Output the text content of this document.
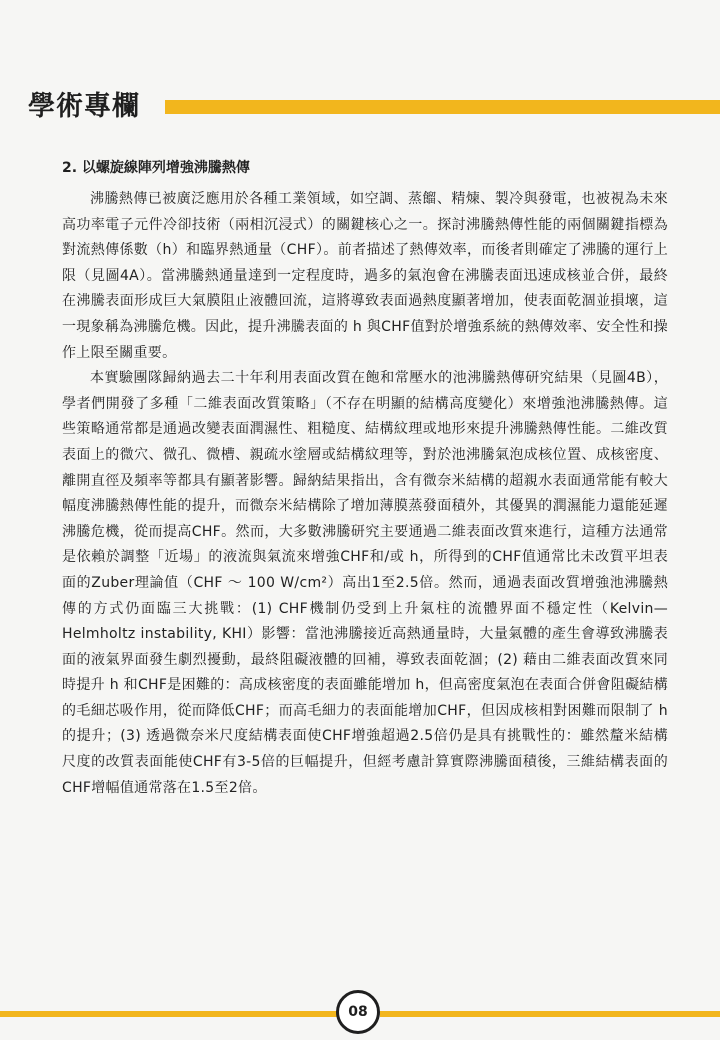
學術專欄
2. 以螺旋線陣列增強沸騰熱傳

沸騰熱傳已被廣泛應用於各種工業領域，如空調、蒸餾、精煉、製冷與發電，也被視為未來高功率電子元件冷卻技術（兩相沉浸式）的關鍵核心之一。探討沸騰熱傳性能的兩個關鍵指標為對流熱傳係數（h）和臨界熱通量（CHF）。前者描述了熱傳效率，而後者則確定了沸騰的運行上限（見圖4A）。當沸騰熱通量達到一定程度時，過多的氣泡會在沸騰表面迅速成核並合併，最終在沸騰表面形成巨大氣膜阻止液體回流，這將導致表面過熱度顯著增加，使表面乾涸並損壞，這一現象稱為沸騰危機。因此，提升沸騰表面的 h 與CHF值對於增強系統的熱傳效率、安全性和操作上限至關重要。

本實驗團隊歸納過去二十年利用表面改質在飽和常壓水的池沸騰熱傳研究結果（見圖4B），學者們開發了多種「二維表面改質策略」（不存在明顯的結構高度變化）來增強池沸騰熱傳。這些策略通常都是通過改變表面潤濕性、粗糙度、結構紋理或地形來提升沸騰熱傳性能。二維改質表面上的微穴、微孔、微槽、親疏水塗層或結構紋理等，對於池沸騰氣泡成核位置、成核密度、離開直徑及頻率等都具有顯著影響。歸納結果指出，含有微奈米結構的超親水表面通常能有較大幅度沸騰熱傳性能的提升，而微奈米結構除了增加薄膜蒸發面積外，其優異的潤濕能力還能延遲沸騰危機，從而提高CHF。然而，大多數沸騰研究主要通過二維表面改質來進行，這種方法通常是依賴於調整「近場」的液流與氣流來增強CHF和/或 h，所得到的CHF值通常比未改質平坦表面的Zuber理論值（CHF ～ 100 W/cm²）高出1至2.5倍。然而，通過表面改質增強池沸騰熱傳的方式仍面臨三大挑戰：(1) CHF機制仍受到上升氣柱的流體界面不穩定性（Kelvin—Helmholtz instability, KHI）影響：當池沸騰接近高熱通量時，大量氣體的產生會導致沸騰表面的液氣界面發生劇烈擾動，最終阻礙液體的回補，導致表面乾涸；(2) 藉由二維表面改質來同時提升 h 和CHF是困難的：高成核密度的表面雖能增加 h，但高密度氣泡在表面合併會阻礙結構的毛細芯吸作用，從而降低CHF；而高毛細力的表面能增加CHF，但因成核相對困難而限制了 h 的提升；(3) 透過微奈米尺度結構表面使CHF增強超過2.5倍仍是具有挑戰性的：雖然釐米結構尺度的改質表面能使CHF有3-5倍的巨幅提升，但經考慮計算實際沸騰面積後，三維結構表面的CHF增幅值通常落在1.5至2倍。

08
